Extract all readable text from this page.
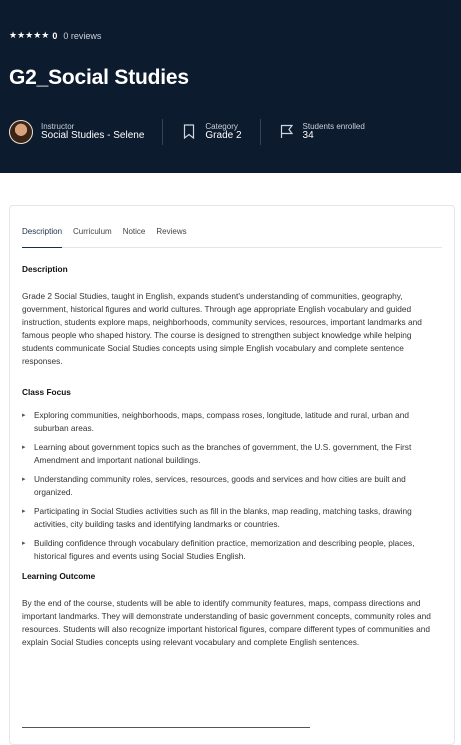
★★★★★ 0 0 reviews
G2_Social Studies
Instructor
Social Studies - Selene
Category
Grade 2
Students enrolled
34
Description Curriculum Notice Reviews
Description

Grade 2 Social Studies, taught in English, expands student's understanding of communities, geography, government, historical figures and world cultures. Through age appropriate English vocabulary and guided instruction, students explore maps, neighborhoods, community services, resources, important landmarks and famous people who shaped history. The course is designed to strengthen subject knowledge while helping students communicate Social Studies concepts using simple English vocabulary and complete sentence responses.

Class Focus
▸ Exploring communities, neighborhoods, maps, compass roses, longitude, latitude and rural, urban and suburban areas.
▸ Learning about government topics such as the branches of government, the U.S. government, the First Amendment and important national buildings.
▸ Understanding community roles, services, resources, goods and services and how cities are built and organized.
▸ Participating in Social Studies activities such as fill in the blanks, map reading, matching tasks, drawing activities, city building tasks and identifying landmarks or countries.
▸ Building confidence through vocabulary definition practice, memorization and describing people, places, historical figures and events using Social Studies English.
Learning Outcome

By the end of the course, students will be able to identify community features, maps, compass directions and important landmarks. They will demonstrate understanding of basic government concepts, community roles and resources. Students will also recognize important historical figures, compare different types of communities and explain Social Studies concepts using relevant vocabulary and complete English sentences.
